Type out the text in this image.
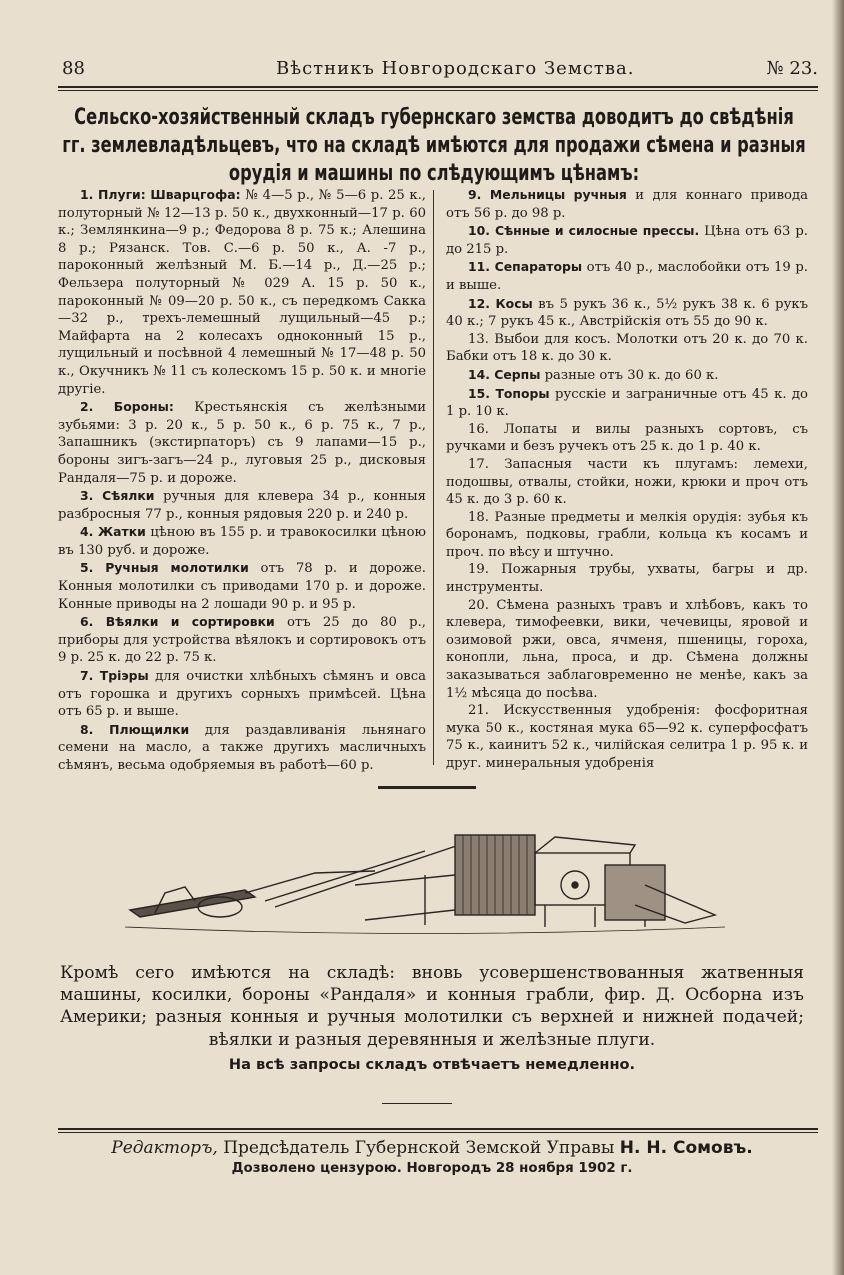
88	Вѣстникъ Новгородскаго Земства.	№ 23.
Сельско-хозяйственный складъ губернскаго земства доводитъ до свѣдѣнія гг. землевладѣльцевъ, что на складѣ имѣются для продажи сѣмена и разныя орудія и машины по слѣдующимъ цѣнамъ:

1. Плуги: Шварцгофа: № 4—5 р., № 5—6 р. 25 к., полуторный № 12—13 р. 50 к., двухконный—17 р. 60 к.; Землянкина—9 р.; Федорова 8 р. 75 к.; Алешина 8 р.; Рязанск. Тов. С.—6 р. 50 к., А. -7 р., пароконный желѣзный М. Б.—14 р., Д.—25 р.; Фельзера полуторный № 029 А. 15 р. 50 к., пароконный № 09—20 р. 50 к., съ передкомъ Сакка—32 р., трехъ-лемешный лущильный—45 р.; Майфарта на 2 колесахъ одноконный 15 р., лущильный и посѣвной 4 лемешный № 17—48 р. 50 к., Окучникъ № 11 съ колескомъ 15 р. 50 к. и многіе другіе.

2. Бороны: Крестьянскія съ желѣзными зубьями: 3 р. 20 к., 5 р. 50 к., 6 р. 75 к., 7 р., Запашникъ (экстирпаторъ) съ 9 лапами—15 р., бороны зигъ-загъ—24 р., луговыя 25 р., дисковыя Рандаля—75 р. и дороже.

3. Сѣялки ручныя для клевера 34 р., конныя разбросныя 77 р., конныя рядовыя 220 р. и 240 р.

4. Жатки цѣною въ 155 р. и травокосилки цѣною въ 130 руб. и дороже.

5. Ручныя молотилки отъ 78 р. и дороже. Конныя молотилки съ приводами 170 р. и дороже. Конные приводы на 2 лошади 90 р. и 95 р.

6. Вѣялки и сортировки отъ 25 до 80 р., приборы для устройства вѣялокъ и сортировокъ отъ 9 р. 25 к. до 22 р. 75 к.

7. Тріэры для очистки хлѣбныхъ сѣмянъ и овса отъ горошка и другихъ сорныхъ примѣсей. Цѣна отъ 65 р. и выше.

8. Плющилки для раздавливанія льнянаго семени на масло, а также другихъ масличныхъ сѣмянъ, весьма одобряемыя въ работѣ—60 р.

9. Мельницы ручныя и для коннаго привода отъ 56 р. до 98 р.

10. Сѣнные и силосные прессы. Цѣна отъ 63 р. до 215 р.

11. Сепараторы отъ 40 р., маслобойки отъ 19 р. и выше.

12. Косы въ 5 рукъ 36 к., 5½ рукъ 38 к. 6 рукъ 40 к.; 7 рукъ 45 к., Австрійскія отъ 55 до 90 к.

13. Выбои для косъ. Молотки отъ 20 к. до 70 к. Бабки отъ 18 к. до 30 к.

14. Серпы разные отъ 30 к. до 60 к.

15. Топоры русскіе и заграничные отъ 45 к. до 1 р. 10 к.

16. Лопаты и вилы разныхъ сортовъ, съ ручками и безъ ручекъ отъ 25 к. до 1 р. 40 к.

17. Запасныя части къ плугамъ: лемехи, подошвы, отвалы, стойки, ножи, крюки и проч отъ 45 к. до 3 р. 60 к.

18. Разные предметы и мелкія орудія: зубья къ боронамъ, подковы, грабли, кольца къ косамъ и проч. по вѣсу и штучно.

19. Пожарныя трубы, ухваты, багры и др. инструменты.

20. Сѣмена разныхъ травъ и хлѣбовъ, какъ то клевера, тимофеевки, вики, чечевицы, яровой и озимовой ржи, овса, ячменя, пшеницы, гороха, конопли, льна, проса, и др. Сѣмена должны заказываться заблаговременно не менѣе, какъ за 1½ мѣсяца до посѣва.

21. Искусственныя удобренія: фосфоритная мука 50 к., костяная мука 65—92 к. суперфосфатъ 75 к., каинитъ 52 к., чилійская селитра 1 р. 95 к. и друг. минеральныя удобренія

Кромѣ сего имѣются на складѣ: вновь усовершенствованныя жатвенныя машины, косилки, бороны «Рандаля» и конныя грабли, фир. Д. Осборна изъ Америки; разныя конныя и ручныя молотилки съ верхней и нижней подачей; вѣялки и разныя деревянныя и желѣзные плуги.
На всѣ запросы складъ отвѣчаетъ немедленно.
Редакторъ, Предсѣдатель Губернской Земской Управы Н. Н. Сомовъ.
Дозволено цензурою. Новгородъ 28 ноября 1902 г.
